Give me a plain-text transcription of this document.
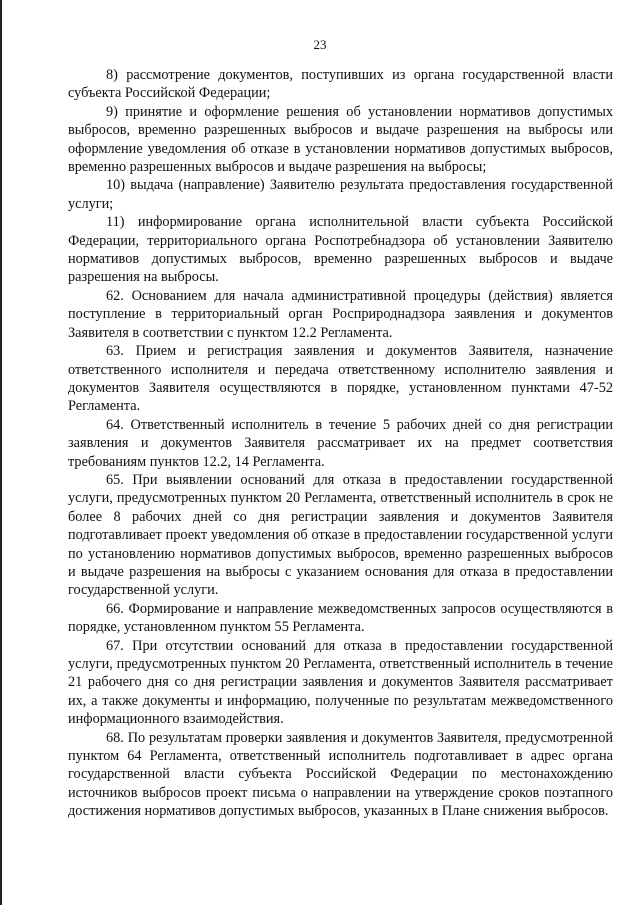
23

8) рассмотрение документов, поступивших из органа государственной власти субъекта Российской Федерации;

9) принятие и оформление решения об установлении нормативов допустимых выбросов, временно разрешенных выбросов и выдаче разрешения на выбросы или оформление уведомления об отказе в установлении нормативов допустимых выбросов, временно разрешенных выбросов и выдаче разрешения на выбросы;

10) выдача (направление) Заявителю результата предоставления государственной услуги;

11) информирование органа исполнительной власти субъекта Российской Федерации, территориального органа Роспотребнадзора об установлении Заявителю нормативов допустимых выбросов, временно разрешенных выбросов и выдаче разрешения на выбросы.

62. Основанием для начала административной процедуры (действия) является поступление в территориальный орган Росприроднадзора заявления и документов Заявителя в соответствии с пунктом 12.2 Регламента.

63. Прием и регистрация заявления и документов Заявителя, назначение ответственного исполнителя и передача ответственному исполнителю заявления и документов Заявителя осуществляются в порядке, установленном пунктами 47-52 Регламента.

64. Ответственный исполнитель в течение 5 рабочих дней со дня регистрации заявления и документов Заявителя рассматривает их на предмет соответствия требованиям пунктов 12.2, 14 Регламента.

65. При выявлении оснований для отказа в предоставлении государственной услуги, предусмотренных пунктом 20 Регламента, ответственный исполнитель в срок не более 8 рабочих дней со дня регистрации заявления и документов Заявителя подготавливает проект уведомления об отказе в предоставлении государственной услуги по установлению нормативов допустимых выбросов, временно разрешенных выбросов и выдаче разрешения на выбросы с указанием основания для отказа в предоставлении государственной услуги.

66. Формирование и направление межведомственных запросов осуществляются в порядке, установленном пунктом 55 Регламента.

67. При отсутствии оснований для отказа в предоставлении государственной услуги, предусмотренных пунктом 20 Регламента, ответственный исполнитель в течение 21 рабочего дня со дня регистрации заявления и документов Заявителя рассматривает их, а также документы и информацию, полученные по результатам межведомственного информационного взаимодействия.

68. По результатам проверки заявления и документов Заявителя, предусмотренной пунктом 64 Регламента, ответственный исполнитель подготавливает в адрес органа государственной власти субъекта Российской Федерации по местонахождению источников выбросов проект письма о направлении на утверждение сроков поэтапного достижения нормативов допустимых выбросов, указанных в Плане снижения выбросов.
